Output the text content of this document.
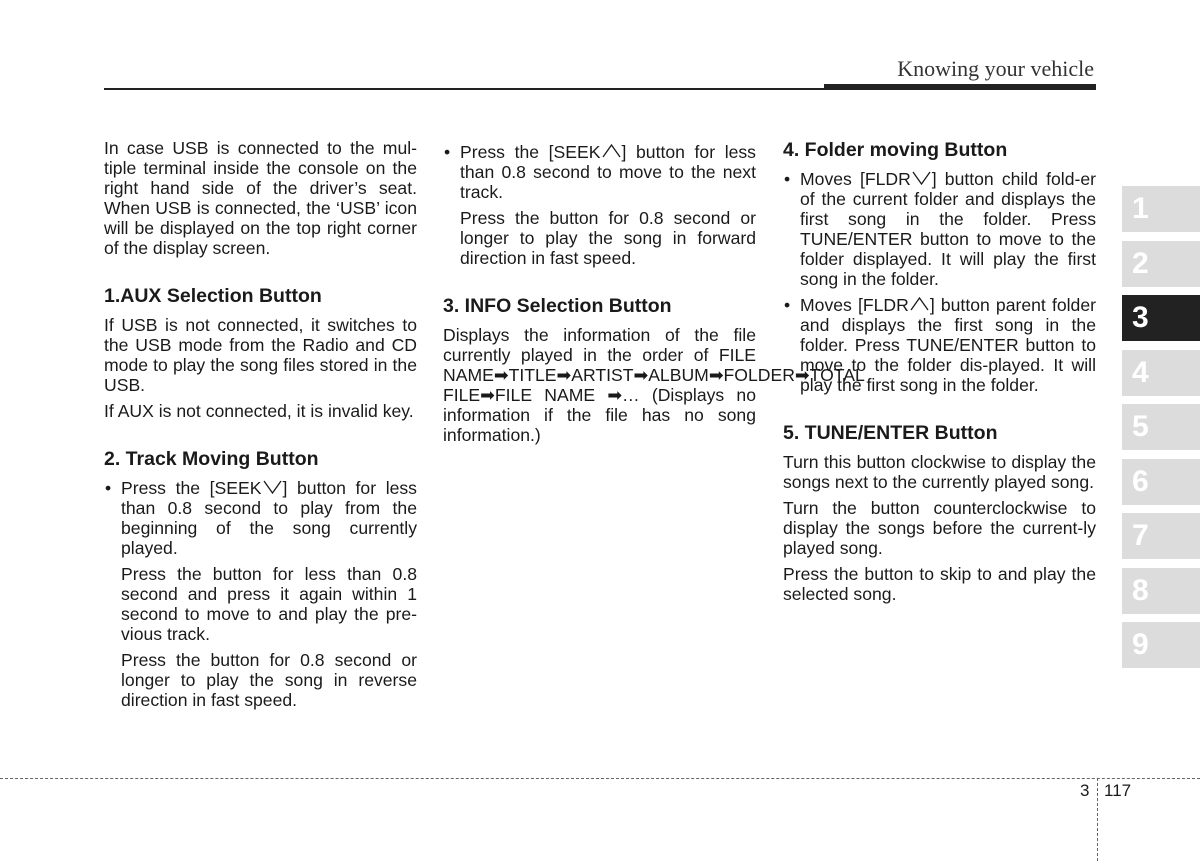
Knowing your vehicle

In case USB is connected to the mul-tiple terminal inside the console on the right hand side of the driver’s seat. When USB is connected, the ‘USB’ icon will be displayed on the top right corner of the display screen.

1.AUX Selection Button

If USB is not connected, it switches to the USB mode from the Radio and CD mode to play the song files stored in the USB.

If AUX is not connected, it is invalid key.

2. Track Moving Button
• Press the [SEEK ] button for less than 0.8 second to play from the beginning of the song currently played.

Press the button for less than 0.8 second and press it again within 1 second to move to and play the pre-vious track.

Press the button for 0.8 second or longer to play the song in reverse direction in fast speed.

• Press the [SEEK ] button for less than 0.8 second to move to the next track.

Press the button for 0.8 second or longer to play the song in forward direction in fast speed.

3. INFO Selection Button

Displays the information of the file currently played in the order of FILE NAME➡TITLE➡ARTIST➡ALBUM➡FOLDER➡TOTAL FILE➡FILE NAME ➡… (Displays no information if the file has no song information.)

4. Folder moving Button
• Moves [FLDR ] button child fold-er of the current folder and displays the first song in the folder. Press TUNE/ENTER button to move to the folder displayed. It will play the first song in the folder.
• Moves [FLDR ] button parent folder and displays the first song in the folder. Press TUNE/ENTER button to move to the folder dis-played. It will play the first song in the folder.
5. TUNE/ENTER Button

Turn this button clockwise to display the songs next to the currently played song.

Turn the button counterclockwise to display the songs before the current-ly played song.

Press the button to skip to and play the selected song.

1
2
3
4
5
6
7
8
9
3 117
